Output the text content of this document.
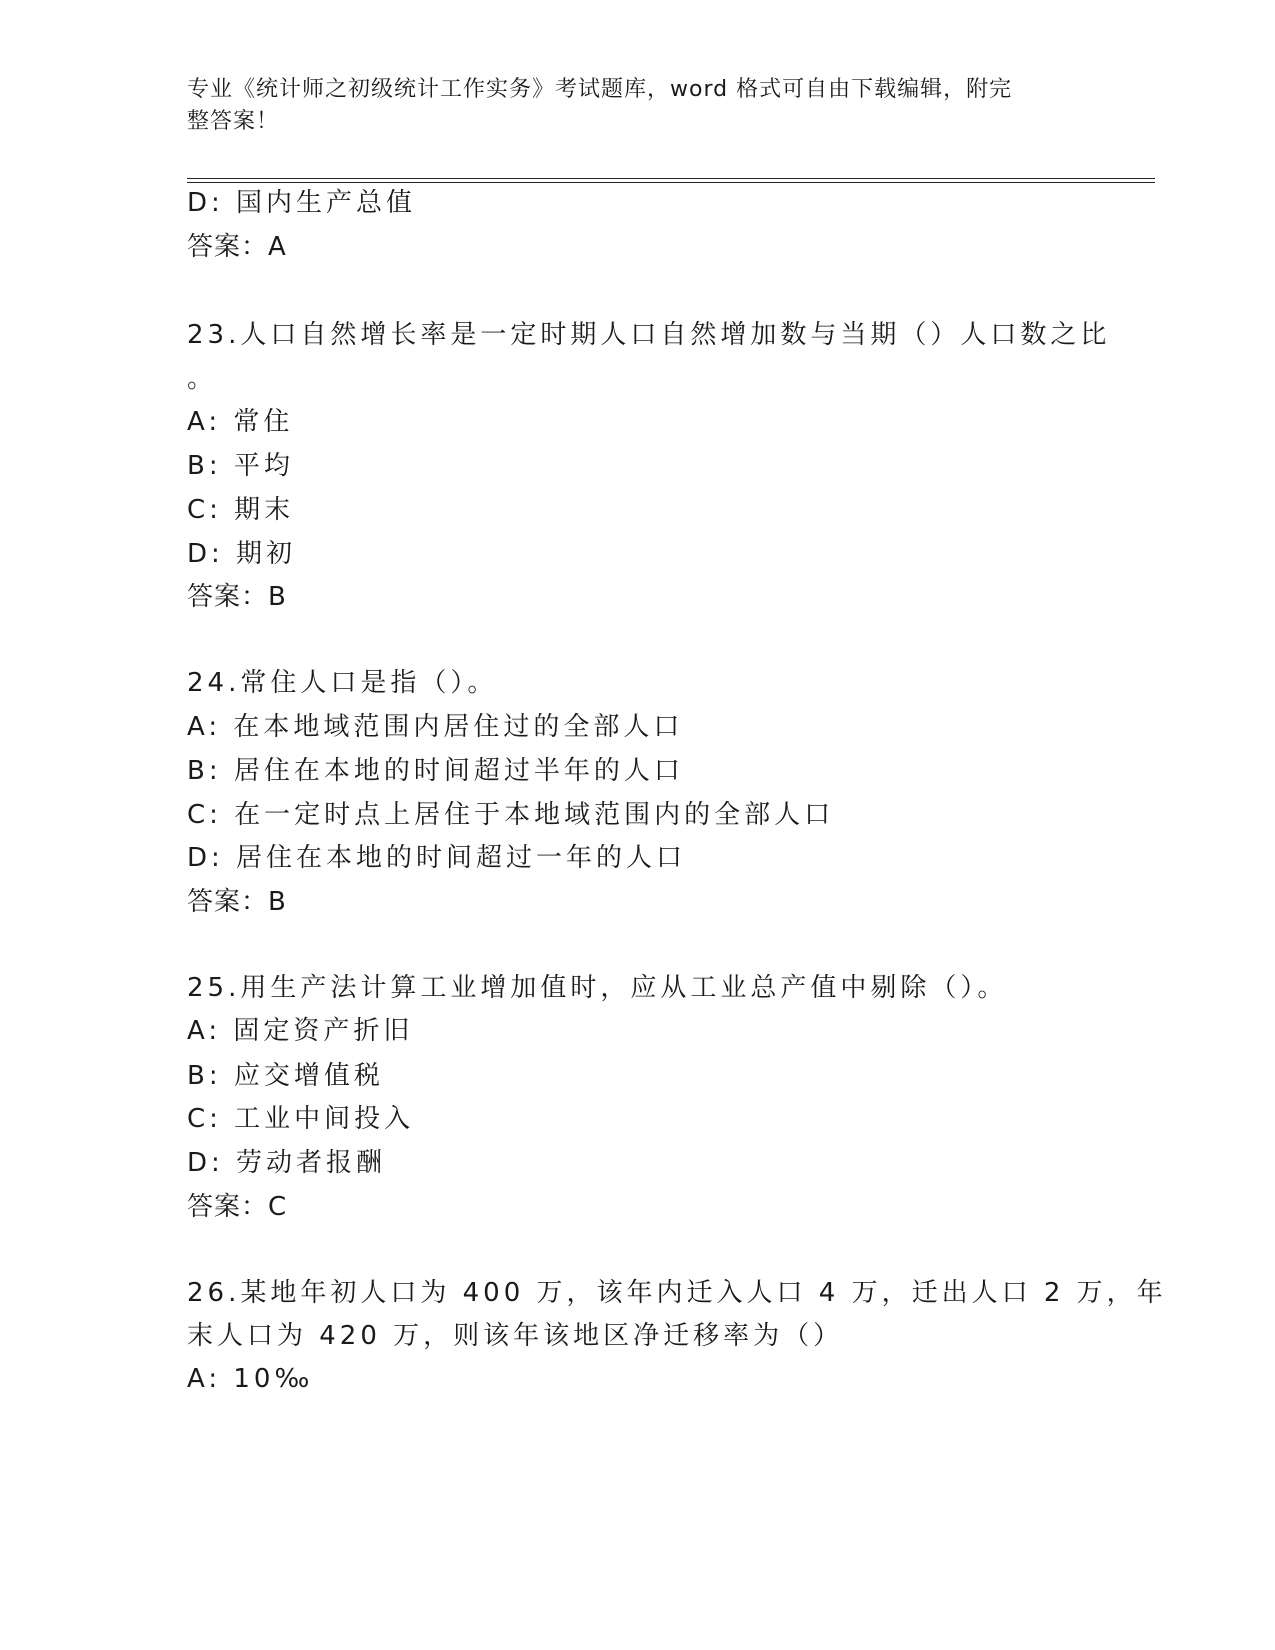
专业《统计师之初级统计工作实务》考试题库，word 格式可自由下载编辑，附完
整答案！
D: 国内生产总值
答案：A
23.人口自然增长率是一定时期人口自然增加数与当期（）人口数之比
。
A: 常住
B: 平均
C: 期末
D: 期初
答案：B
24.常住人口是指（）。
A: 在本地域范围内居住过的全部人口
B: 居住在本地的时间超过半年的人口
C: 在一定时点上居住于本地域范围内的全部人口
D: 居住在本地的时间超过一年的人口
答案：B
25.用生产法计算工业增加值时，应从工业总产值中剔除（）。
A: 固定资产折旧
B: 应交增值税
C: 工业中间投入
D: 劳动者报酬
答案：C
26.某地年初人口为 400 万，该年内迁入人口 4 万，迁出人口 2 万，年
末人口为 420 万，则该年该地区净迁移率为（）
A: 10‰
